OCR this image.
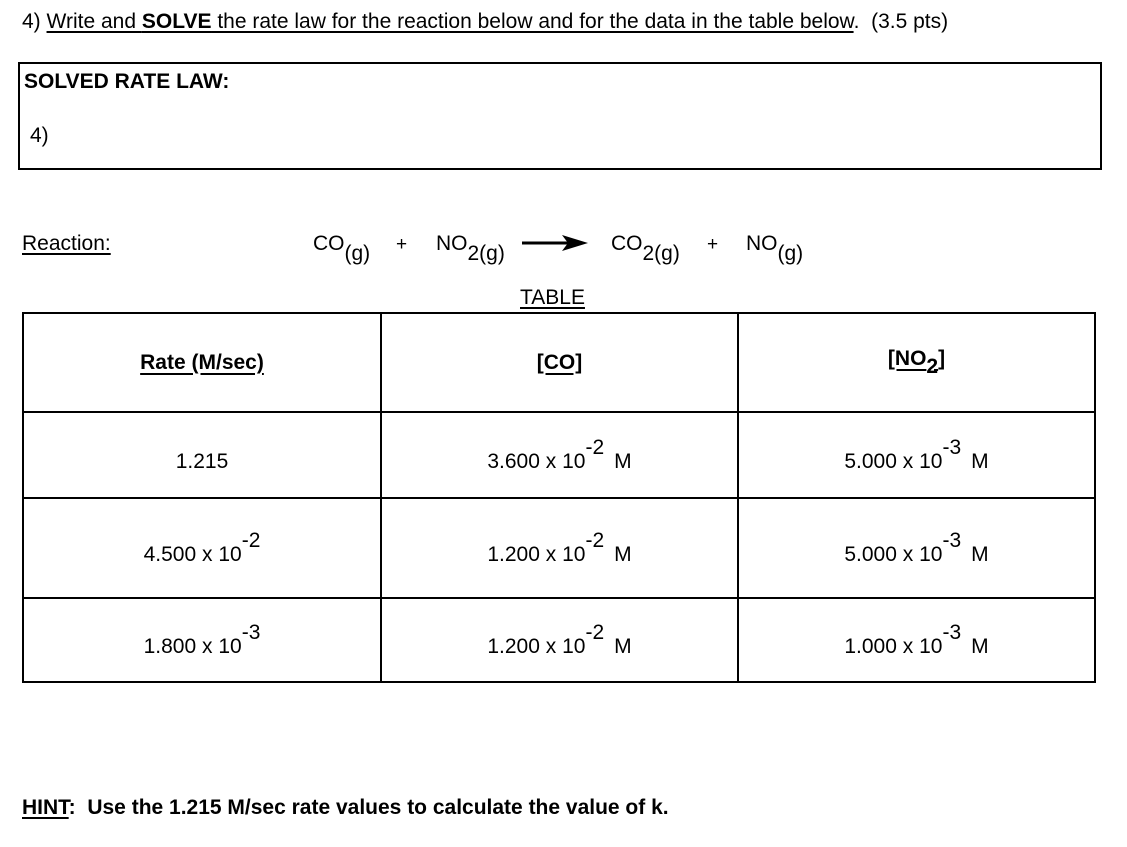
4) Write and SOLVE the rate law for the reaction below and for the data in the table below. (3.5 pts)
SOLVED RATE LAW:
4)
Reaction:	$CO_{(g)} + NO_{2(g)}$	$CO_{2(g)} + NO_{(g)}$
TABLE
Rate (M/sec)	[CO]	$[NO_2]$
1.215	3.600 x 10-2M	5.000 x 10-3M
4.500 x 10-2	1.200 x 10-2M	5.000 x 10-3M
1.800 x 10-3	1.200 x 10-2M	1.000 x 10-3M
HINT:  Use the 1.215 M/sec rate values to calculate the value of k.
